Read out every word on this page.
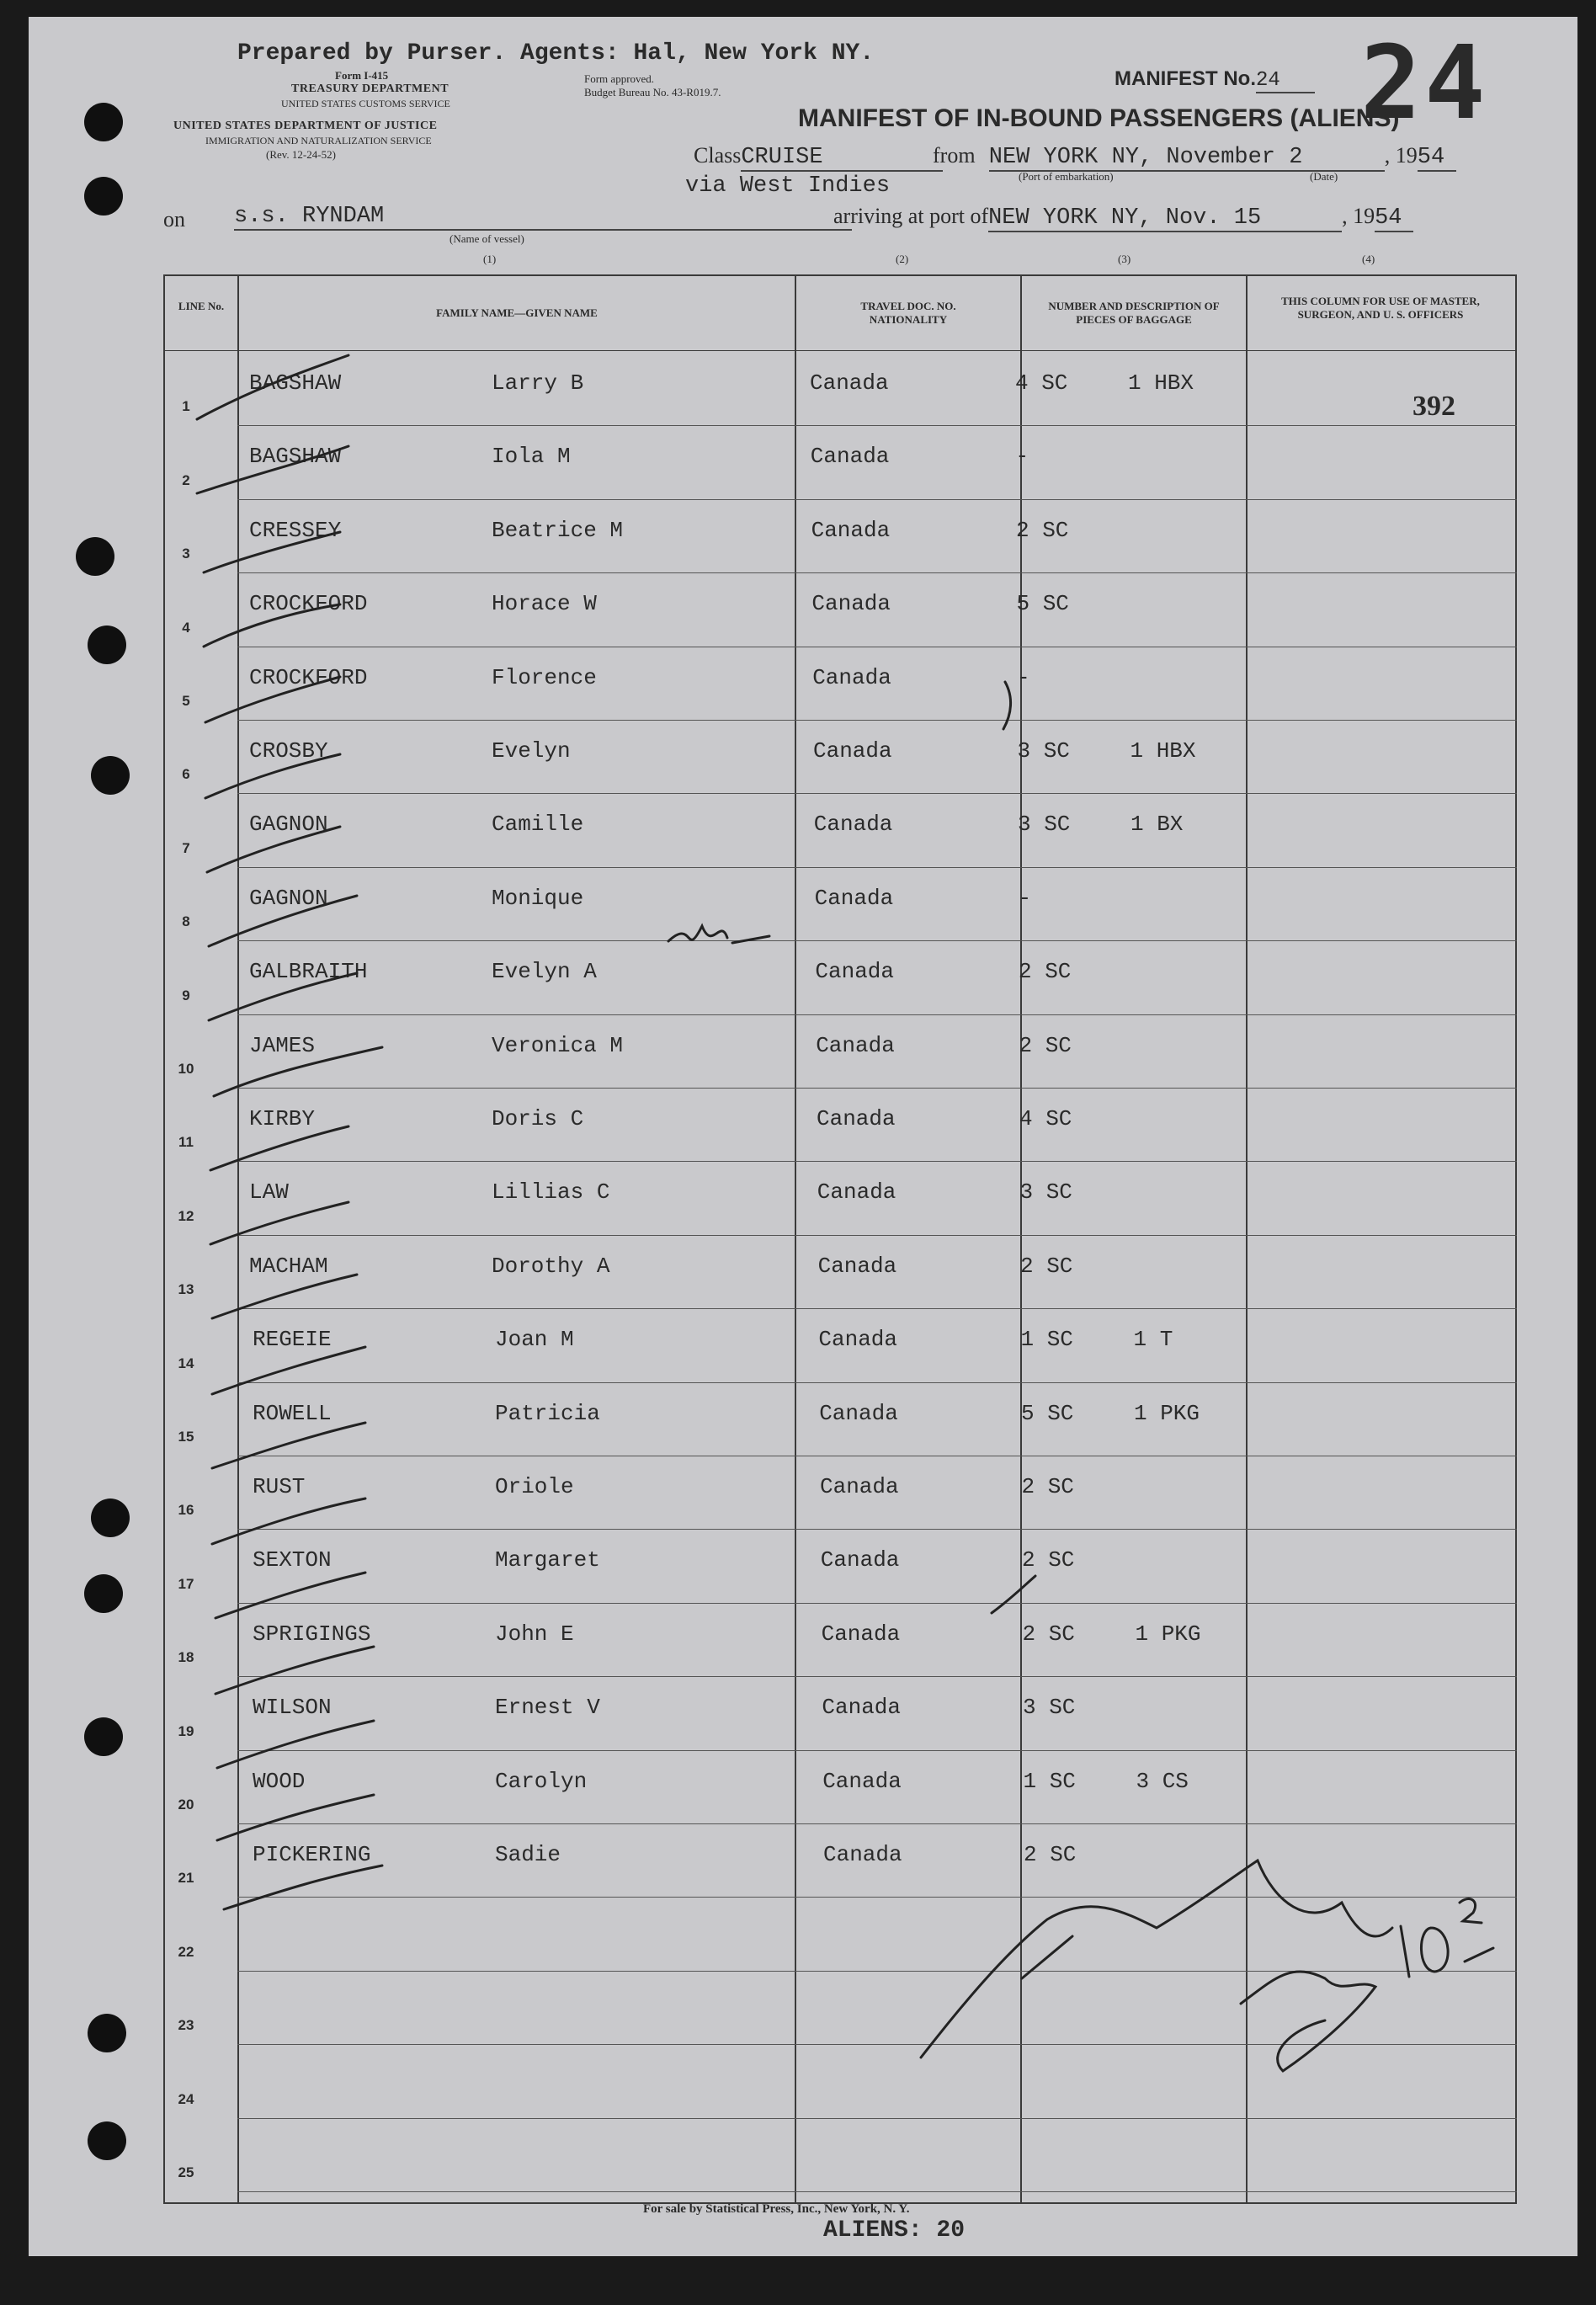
Prepared by Purser. Agents: Hal, New York NY.
Form I-415
TREASURY DEPARTMENT
UNITED STATES CUSTOMS SERVICE
Form approved.
Budget Bureau No. 43-R019.7.
UNITED STATES DEPARTMENT OF JUSTICE
IMMIGRATION AND NATURALIZATION SERVICE
(Rev. 12-24-52)
MANIFEST No.24 24
MANIFEST OF IN-BOUND PASSENGERS (ALIENS)
ClassCRUISE	from NEW YORK NY, November 2	, 1954
(Port of embarkation)	(Date)
via West Indies
on s.s. RYNDAM
(Name of vessel)
arriving at port ofNEW YORK NY, Nov. 15	, 1954
(1)	(2)	(3)	(4)
LINE No.
FAMILY NAME—GIVEN NAME
TRAVEL DOC. NO. NATIONALITY
NUMBER AND DESCRIPTION OF PIECES OF BAGGAGE
THIS COLUMN FOR USE OF MASTER, SURGEON, AND U. S. OFFICERS
1
BAGSHAW	Larry B	Canada	4 SC	1 HBX
2
BAGSHAW	Iola M	Canada	-
3
CRESSEY	Beatrice M	Canada	2 SC
4
CROCKFORD	Horace W	Canada	5 SC
5
CROCKFORD	Florence	Canada	-
6
CROSBY	Evelyn	Canada	3 SC	1 HBX
7
GAGNON	Camille	Canada	3 SC	1 BX
8
GAGNON	Monique	Canada	-
9
GALBRAITH	Evelyn A	Canada	2 SC
10
JAMES	Veronica M	Canada	2 SC
11
KIRBY	Doris C	Canada	4 SC
12
LAW	Lillias C	Canada	3 SC
13
MACHAM	Dorothy A	Canada	2 SC
14
REGEIE	Joan M	Canada	1 SC	1 T
15
ROWELL	Patricia	Canada	5 SC	1 PKG
16
RUST	Oriole	Canada	2 SC
17
SEXTON	Margaret	Canada	2 SC
18
SPRIGINGS	John E	Canada	2 SC	1 PKG
19
WILSON	Ernest V	Canada	3 SC
20
WOOD	Carolyn	Canada	1 SC	3 CS
21
PICKERING	Sadie	Canada	2 SC
22
23
24
25
392
For sale by Statistical Press, Inc., New York, N. Y.
ALIENS: 20
